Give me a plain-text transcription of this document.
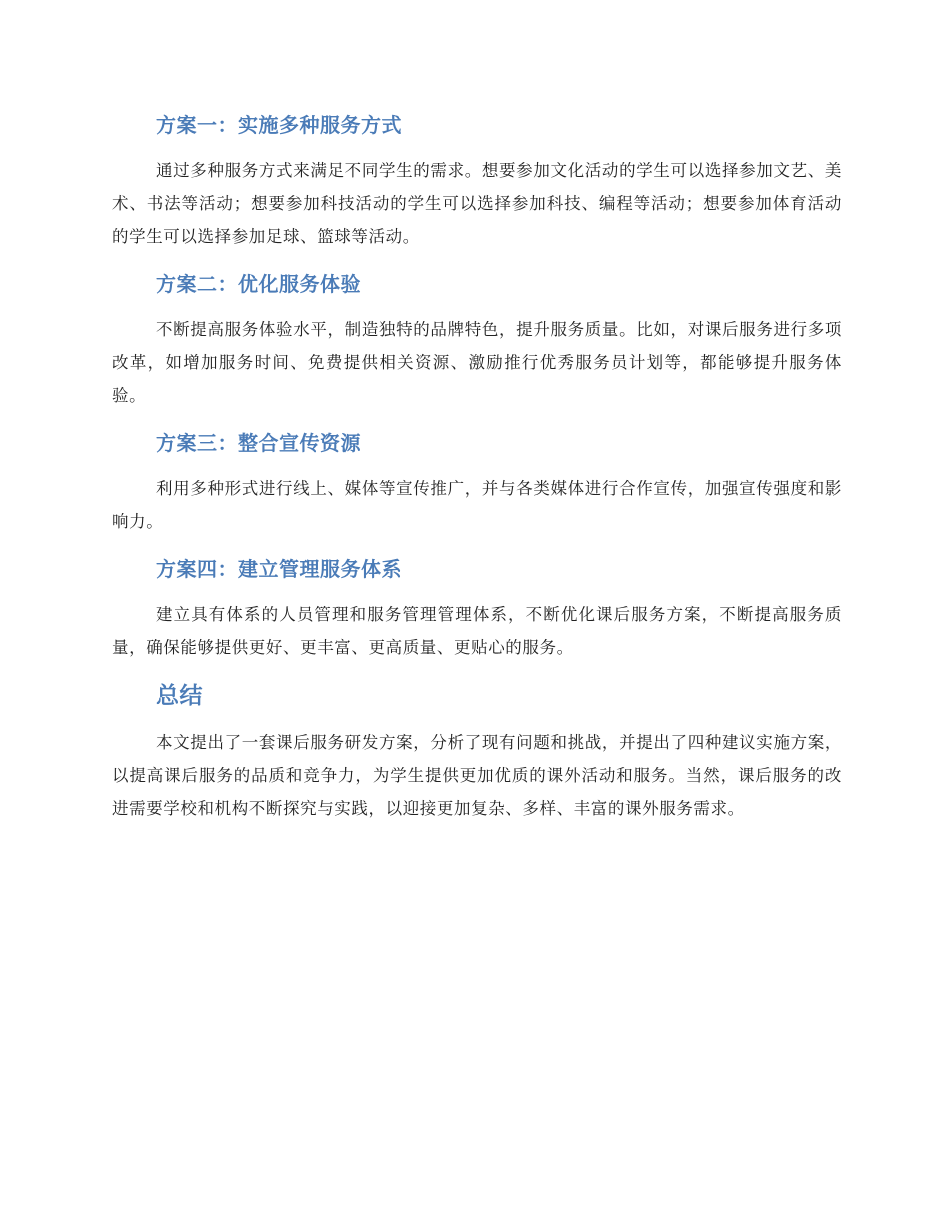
方案一：实施多种服务方式

通过多种服务方式来满足不同学生的需求。想要参加文化活动的学生可以选择参加文艺、美术、书法等活动；想要参加科技活动的学生可以选择参加科技、编程等活动；想要参加体育活动的学生可以选择参加足球、篮球等活动。

方案二：优化服务体验

不断提高服务体验水平，制造独特的品牌特色，提升服务质量。比如，对课后服务进行多项改革，如增加服务时间、免费提供相关资源、激励推行优秀服务员计划等，都能够提升服务体验。

方案三：整合宣传资源

利用多种形式进行线上、媒体等宣传推广，并与各类媒体进行合作宣传，加强宣传强度和影响力。

方案四：建立管理服务体系

建立具有体系的人员管理和服务管理管理体系，不断优化课后服务方案，不断提高服务质量，确保能够提供更好、更丰富、更高质量、更贴心的服务。

总结

本文提出了一套课后服务研发方案，分析了现有问题和挑战，并提出了四种建议实施方案，以提高课后服务的品质和竞争力，为学生提供更加优质的课外活动和服务。当然，课后服务的改进需要学校和机构不断探究与实践，以迎接更加复杂、多样、丰富的课外服务需求。
